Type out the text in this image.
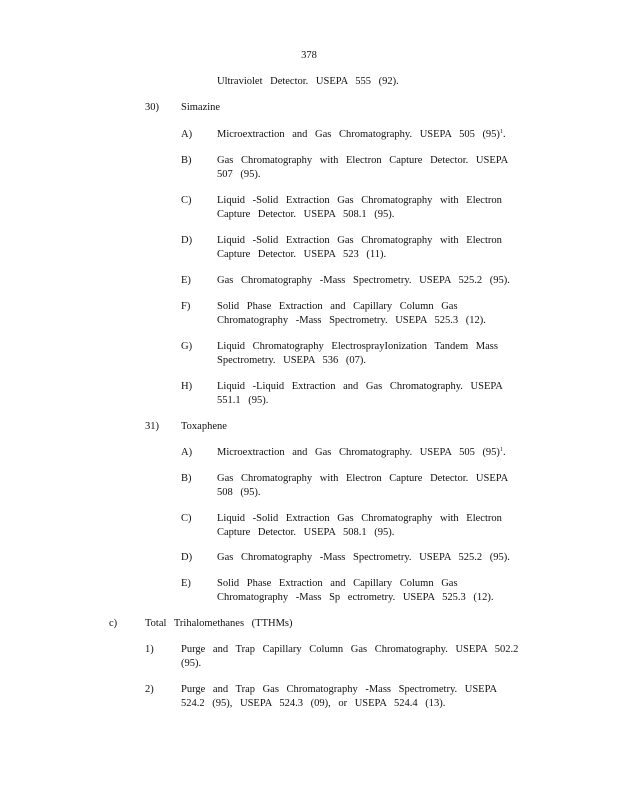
378
Ultraviolet Detector. USEPA 555 (92).
30) Simazine
A) Microextraction and Gas Chromatography. USEPA 505 $(95)^1$.
B) Gas Chromatography with Electron Capture Detector. USEPA 507 (95).
C) Liquid -Solid Extraction Gas Chromatography with Electron Capture Detector. USEPA 508.1 (95).
D) Liquid -Solid Extraction Gas Chromatography with Electron Capture Detector. USEPA 523 (11).
E) Gas Chromatography -Mass Spectrometry. USEPA 525.2 (95).
F)	Solid Phase Extraction and Capillary Column Gas Chromatography -Mass Spectrometry. USEPA 525.3 (12).
G) Liquid Chromatography ElectrosprayIonization Tandem Mass Spectrometry. USEPA 536 (07).
H) Liquid -Liquid Extraction and Gas Chromatography. USEPA 551.1 (95).
31) Toxaphene
A) Microextraction and Gas Chromatography. USEPA 505 $(95)^1$.
B) Gas Chromatography with Electron Capture Detector. USEPA 508 (95).
C) Liquid -Solid Extraction Gas Chromatography with Electron Capture Detector. USEPA 508.1 (95).
D) Gas Chromatography -Mass Spectrometry. USEPA 525.2 (95).
E) Solid Phase Extraction and Capillary Column Gas Chromatography -Mass Sp ectrometry. USEPA 525.3 (12).
c)	Total Trihalomethanes (TTHMs)
1)	Purge and Trap Capillary Column Gas Chromatography. USEPA 502.2 (95).
2)	Purge and Trap Gas Chromatography -Mass Spectrometry. USEPA 524.2 (95), USEPA 524.3 (09), or USEPA 524.4 (13).
